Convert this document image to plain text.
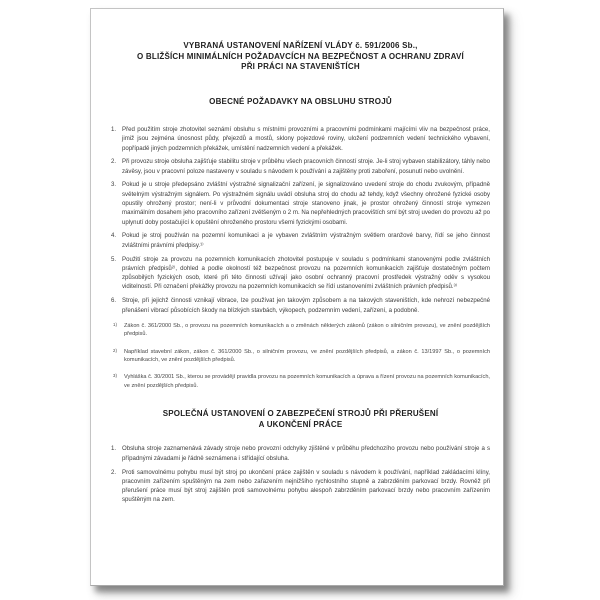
VYBRANÁ USTANOVENÍ NAŘÍZENÍ VLÁDY č. 591/2006 Sb.,
O BLIŽŠÍCH MINIMÁLNÍCH POŽADAVCÍCH NA BEZPEČNOST A OCHRANU ZDRAVÍ
PŘI PRÁCI NA STAVENIŠTÍCH
OBECNÉ POŽADAVKY NA OBSLUHU STROJŮ
1. Před použitím stroje zhotovitel seznámí obsluhu s místními provozními a pracovními podmínkami majícími vliv na bezpečnost práce, jimiž jsou zejména únosnost půdy, přejezdů a mostů, sklony pojezdové roviny, uložení podzemních vedení technického vybavení, popřípadě jiných podzemních překážek, umístění nadzemních vedení a překážek.
2. Při provozu stroje obsluha zajišťuje stabilitu stroje v průběhu všech pracovních činností stroje. Je-li stroj vybaven stabilizátory, táhly nebo závěsy, jsou v pracovní poloze nastaveny v souladu s návodem k používání a zajištěny proti zaboření, posunutí nebo uvolnění.
3. Pokud je u stroje předepsáno zvláštní výstražné signalizační zařízení, je signalizováno uvedení stroje do chodu zvukovým, případně světelným výstražným signálem. Po výstražném signálu uvádí obsluha stroj do chodu až tehdy, když všechny ohrožené fyzické osoby opustily ohrožený prostor; není-li v průvodní dokumentaci stroje stanoveno jinak, je prostor ohrožený činností stroje vymezen maximálním dosahem jeho pracovního zařízení zvětšeným o 2 m. Na nepřehledných pracovištích smí být stroj uveden do provozu až po uplynutí doby postačující k opuštění ohroženého prostoru všemi fyzickými osobami.
4. Pokud je stroj používán na pozemní komunikaci a je vybaven zvláštním výstražným světlem oranžové barvy, řídí se jeho činnost zvláštními právními předpisy.¹⁾
5. Použití stroje za provozu na pozemních komunikacích zhotovitel postupuje v souladu s podmínkami stanovenými podle zvláštních právních předpisů²⁾, dohled a podle okolností též bezpečnost provozu na pozemních komunikacích zajišťuje dostatečným počtem způsobilých fyzických osob, které při této činnosti užívají jako osobní ochranný pracovní prostředek výstražný oděv s vysokou viditelností. Při označení překážky provozu na pozemních komunikacích se řídí ustanoveními zvláštních právních předpisů.³⁾
6. Stroje, při jejichž činnosti vznikají vibrace, lze používat jen takovým způsobem a na takových staveništích, kde nehrozí nebezpečné přenášení vibrací působících škody na blízkých stavbách, výkopech, podzemním vedení, zařízení, a podobně.
1) Zákon č. 361/2000 Sb., o provozu na pozemních komunikacích a o změnách některých zákonů (zákon o silničním provozu), ve znění pozdějších předpisů.
2) Například stavební zákon, zákon č. 361/2000 Sb., o silničním provozu, ve znění pozdějších předpisů, a zákon č. 13/1997 Sb., o pozemních komunikacích, ve znění pozdějších předpisů.
3) Vyhláška č. 30/2001 Sb., kterou se provádějí pravidla provozu na pozemních komunikacích a úprava a řízení provozu na pozemních komunikacích, ve znění pozdějších předpisů.
SPOLEČNÁ USTANOVENÍ O ZABEZPEČENÍ STROJŮ PŘI PŘERUŠENÍ
A UKONČENÍ PRÁCE
1. Obsluha stroje zaznamenává závady stroje nebo provozní odchylky zjištěné v průběhu předchozího provozu nebo používání stroje a s případnými závadami je řádně seznámena i střídající obsluha.
2. Proti samovolnému pohybu musí být stroj po ukončení práce zajištěn v souladu s návodem k používání, například zakládacími klíny, pracovním zařízením spuštěným na zem nebo zařazením nejnižšího rychlostního stupně a zabrzděním parkovací brzdy. Rovněž při přerušení práce musí být stroj zajištěn proti samovolnému pohybu alespoň zabrzděním parkovací brzdy nebo pracovním zařízením spuštěným na zem.
